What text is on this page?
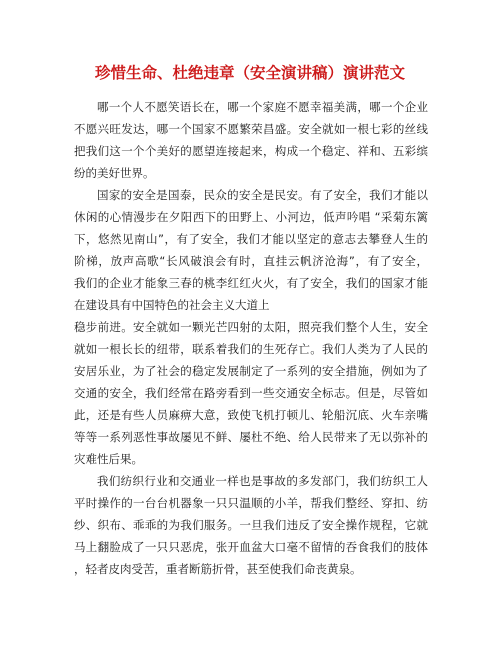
珍惜生命、杜绝违章（安全演讲稿）演讲范文
哪一个人不愿笑语长在，哪一个家庭不愿幸福美满，哪一个企业
不愿兴旺发达，哪一个国家不愿繁荣昌盛。安全就如一根七彩的丝线
把我们这一个个美好的愿望连接起来，构成一个稳定、祥和、五彩缤
纷的美好世界。
国家的安全是国泰，民众的安全是民安。有了安全，我们才能以
休闲的心情漫步在夕阳西下的田野上、小河边，低声吟唱 “采菊东篱
下，悠然见南山”，有了安全，我们才能以坚定的意志去攀登人生的
阶梯，放声高歌“长风破浪会有时，直挂云帆济沧海”，有了安全，
我们的企业才能象三春的桃李红红火火，有了安全，我们的国家才能
在建设具有中国特色的社会主义大道上
稳步前进。安全就如一颗光芒四射的太阳，照亮我们整个人生，安全
就如一根长长的纽带，联系着我们的生死存亡。我们人类为了人民的
安居乐业，为了社会的稳定发展制定了一系列的安全措施，例如为了
交通的安全，我们经常在路旁看到一些交通安全标志。但是，尽管如
此，还是有些人员麻痹大意，致使飞机打顿儿、轮船沉底、火车亲嘴
等等一系列恶性事故屡见不鲜、屡杜不绝、给人民带来了无以弥补的
灾难性后果。
我们纺织行业和交通业一样也是事故的多发部门，我们纺织工人
平时操作的一台台机器象一只只温顺的小羊，帮我们整经、穿扣、纺
纱、织布、乖乖的为我们服务。一旦我们违反了安全操作规程，它就
马上翻脸成了一只只恶虎，张开血盆大口毫不留情的吞食我们的肢体
，轻者皮肉受苦，重者断筋折骨，甚至使我们命丧黄泉。
